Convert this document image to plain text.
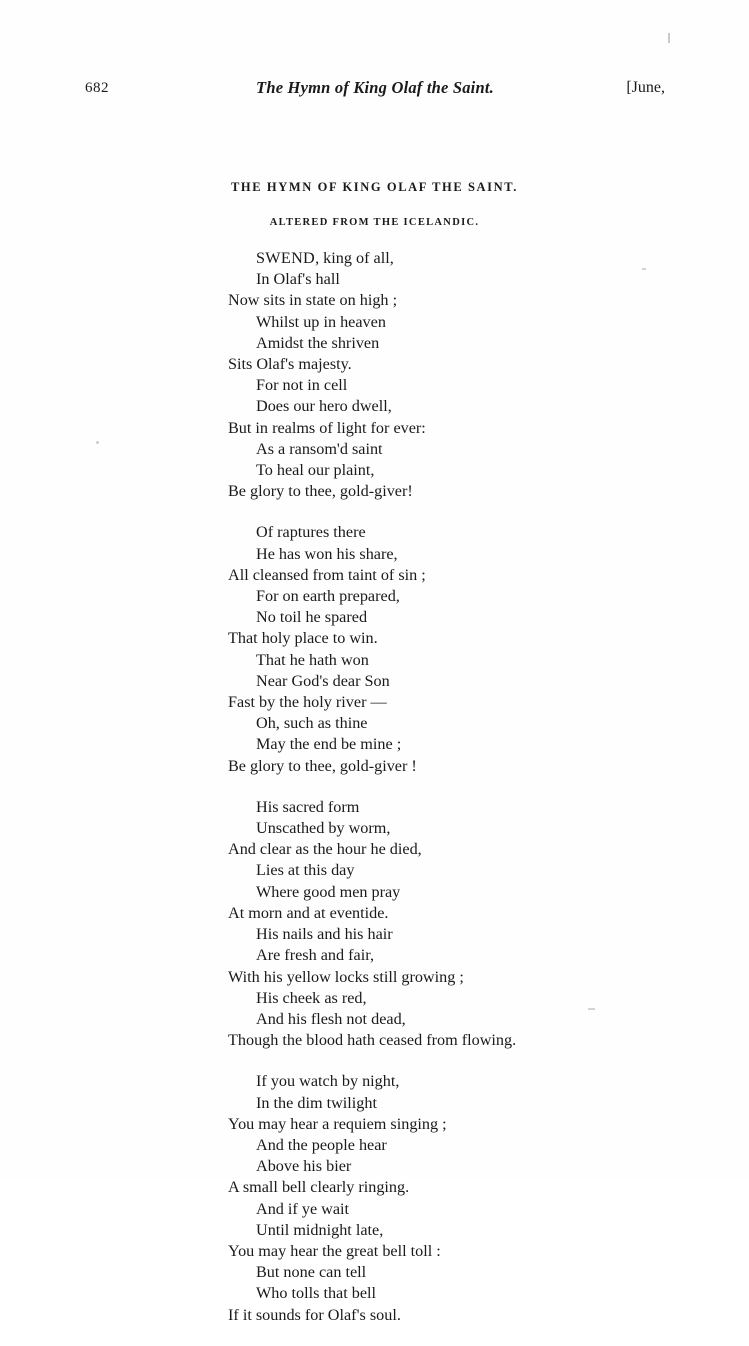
682	The Hymn of King Olaf the Saint.	[June,
THE HYMN OF KING OLAF THE SAINT.
ALTERED FROM THE ICELANDIC.
SWEND, king of all,
In Olaf's hall
Now sits in state on high ;
Whilst up in heaven
Amidst the shriven
Sits Olaf's majesty.
For not in cell
Does our hero dwell,
But in realms of light for ever:
As a ransom'd saint
To heal our plaint,
Be glory to thee, gold-giver!
Of raptures there
He has won his share,
All cleansed from taint of sin ;
For on earth prepared,
No toil he spared
That holy place to win.
That he hath won
Near God's dear Son
Fast by the holy river —
Oh, such as thine
May the end be mine ;
Be glory to thee, gold-giver !
His sacred form
Unscathed by worm,
And clear as the hour he died,
Lies at this day
Where good men pray
At morn and at eventide.
His nails and his hair
Are fresh and fair,
With his yellow locks still growing ;
His cheek as red,
And his flesh not dead,
Though the blood hath ceased from flowing.
If you watch by night,
In the dim twilight
You may hear a requiem singing ;
And the people hear
Above his bier
A small bell clearly ringing.
And if ye wait
Until midnight late,
You may hear the great bell toll :
But none can tell
Who tolls that bell
If it sounds for Olaf's soul.
